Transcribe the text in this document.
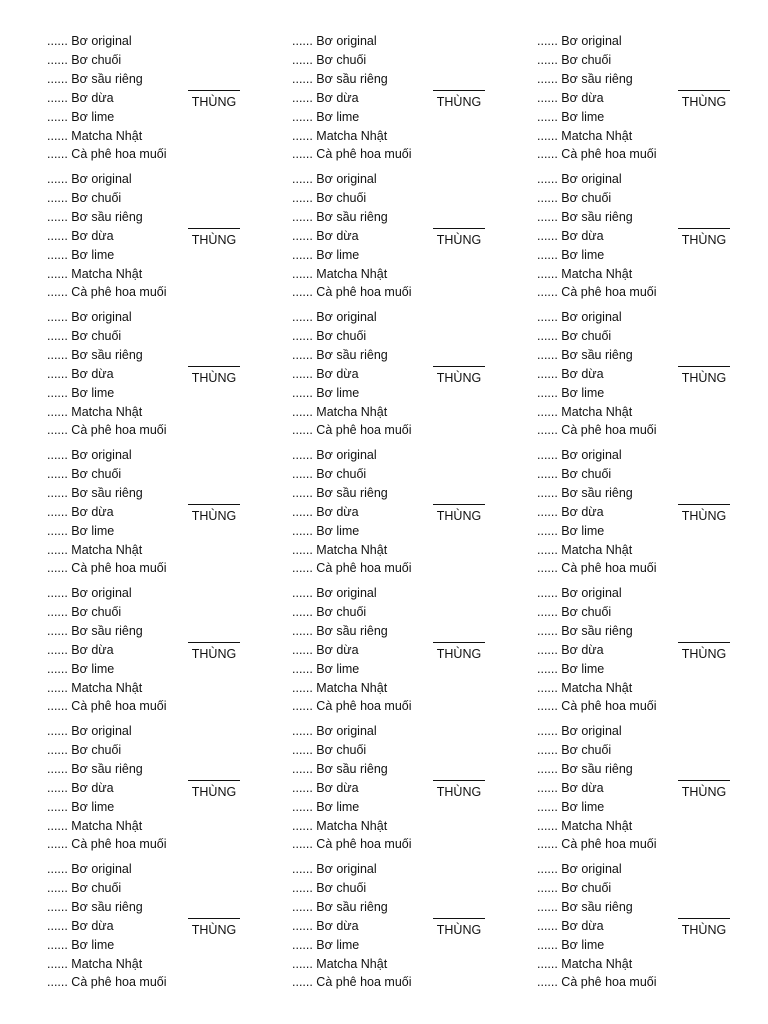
...... Bơ original
...... Bơ chuối
...... Bơ sầu riêng
...... Bơ dừa
...... Bơ lime
...... Matcha Nhật
...... Cà phê hoa muối
THÙNG
...... Bơ original
...... Bơ chuối
...... Bơ sầu riêng
...... Bơ dừa
...... Bơ lime
...... Matcha Nhật
...... Cà phê hoa muối
THÙNG
...... Bơ original
...... Bơ chuối
...... Bơ sầu riêng
...... Bơ dừa
...... Bơ lime
...... Matcha Nhật
...... Cà phê hoa muối
THÙNG
...... Bơ original
...... Bơ chuối
...... Bơ sầu riêng
...... Bơ dừa
...... Bơ lime
...... Matcha Nhật
...... Cà phê hoa muối
THÙNG
...... Bơ original
...... Bơ chuối
...... Bơ sầu riêng
...... Bơ dừa
...... Bơ lime
...... Matcha Nhật
...... Cà phê hoa muối
THÙNG
...... Bơ original
...... Bơ chuối
...... Bơ sầu riêng
...... Bơ dừa
...... Bơ lime
...... Matcha Nhật
...... Cà phê hoa muối
THÙNG
...... Bơ original
...... Bơ chuối
...... Bơ sầu riêng
...... Bơ dừa
...... Bơ lime
...... Matcha Nhật
...... Cà phê hoa muối
THÙNG
...... Bơ original
...... Bơ chuối
...... Bơ sầu riêng
...... Bơ dừa
...... Bơ lime
...... Matcha Nhật
...... Cà phê hoa muối
THÙNG
...... Bơ original
...... Bơ chuối
...... Bơ sầu riêng
...... Bơ dừa
...... Bơ lime
...... Matcha Nhật
...... Cà phê hoa muối
THÙNG
...... Bơ original
...... Bơ chuối
...... Bơ sầu riêng
...... Bơ dừa
...... Bơ lime
...... Matcha Nhật
...... Cà phê hoa muối
THÙNG
...... Bơ original
...... Bơ chuối
...... Bơ sầu riêng
...... Bơ dừa
...... Bơ lime
...... Matcha Nhật
...... Cà phê hoa muối
THÙNG
...... Bơ original
...... Bơ chuối
...... Bơ sầu riêng
...... Bơ dừa
...... Bơ lime
...... Matcha Nhật
...... Cà phê hoa muối
THÙNG
...... Bơ original
...... Bơ chuối
...... Bơ sầu riêng
...... Bơ dừa
...... Bơ lime
...... Matcha Nhật
...... Cà phê hoa muối
THÙNG
...... Bơ original
...... Bơ chuối
...... Bơ sầu riêng
...... Bơ dừa
...... Bơ lime
...... Matcha Nhật
...... Cà phê hoa muối
THÙNG
...... Bơ original
...... Bơ chuối
...... Bơ sầu riêng
...... Bơ dừa
...... Bơ lime
...... Matcha Nhật
...... Cà phê hoa muối
THÙNG
...... Bơ original
...... Bơ chuối
...... Bơ sầu riêng
...... Bơ dừa
...... Bơ lime
...... Matcha Nhật
...... Cà phê hoa muối
THÙNG
...... Bơ original
...... Bơ chuối
...... Bơ sầu riêng
...... Bơ dừa
...... Bơ lime
...... Matcha Nhật
...... Cà phê hoa muối
THÙNG
...... Bơ original
...... Bơ chuối
...... Bơ sầu riêng
...... Bơ dừa
...... Bơ lime
...... Matcha Nhật
...... Cà phê hoa muối
THÙNG
...... Bơ original
...... Bơ chuối
...... Bơ sầu riêng
...... Bơ dừa
...... Bơ lime
...... Matcha Nhật
...... Cà phê hoa muối
THÙNG
...... Bơ original
...... Bơ chuối
...... Bơ sầu riêng
...... Bơ dừa
...... Bơ lime
...... Matcha Nhật
...... Cà phê hoa muối
THÙNG
...... Bơ original
...... Bơ chuối
...... Bơ sầu riêng
...... Bơ dừa
...... Bơ lime
...... Matcha Nhật
...... Cà phê hoa muối
THÙNG
